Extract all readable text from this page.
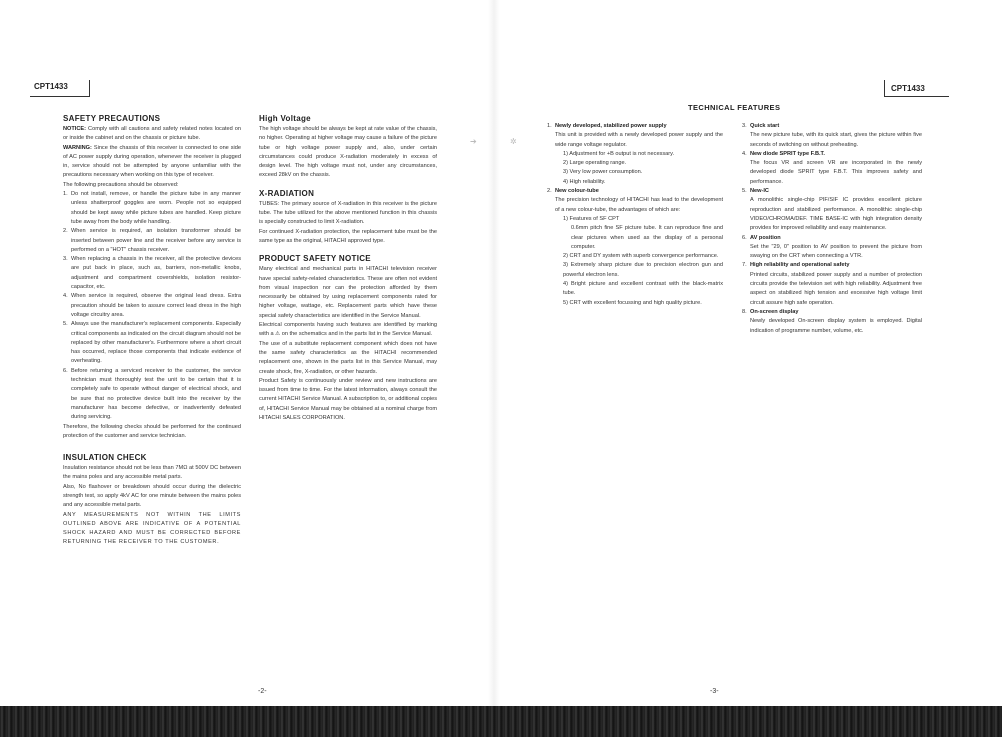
CPT1433
SAFETY PRECAUTIONS

NOTICE: Comply with all cautions and safety related notes located on or inside the cabinet and on the chassis or picture tube.

WARNING: Since the chassis of this receiver is connected to one side of AC power supply during operation, whenever the receiver is plugged in, service should not be attempted by anyone unfamiliar with the precautions necessary when working on this type of receiver.

The following precautions should be observed:

1. Do not install, remove, or handle the picture tube in any manner unless shatterproof goggles are worn. People not so equipped should be kept away while picture tubes are handled. Keep picture tube away from the body while handling.
2. When service is required, an isolation transformer should be inserted between power line and the receiver before any service is performed on a "HOT" chassis receiver.
3. When replacing a chassis in the receiver, all the protective devices are put back in place, such as, barriers, non-metallic knobs, adjustment and compartment covershields, isolation resistor-capacitor, etc.
4. When service is required, observe the original lead dress. Extra precaution should be taken to assure correct lead dress in the high voltage circuitry area.
5. Always use the manufacturer's replacement components. Especially critical components as indicated on the circuit diagram should not be replaced by other manufacturer's. Furthermore where a short circuit has occurred, replace those components that indicate evidence of overheating.
6. Before returning a serviced receiver to the customer, the service technician must thoroughly test the unit to be certain that it is completely safe to operate without danger of electrical shock, and be sure that no protective device built into the receiver by the manufacturer has become defective, or inadvertently defeated during servicing.

Therefore, the following checks should be performed for the continued protection of the customer and service technician.

INSULATION CHECK

Insulation resistance should not be less than 7MΩ at 500V DC between the mains poles and any accessible metal parts.

Also, No flashover or breakdown should occur during the dielectric strength test, so apply 4kV AC for one minute between the mains poles and any accessible metal parts.

ANY MEASUREMENTS NOT WITHIN THE LIMITS OUTLINED ABOVE ARE INDICATIVE OF A POTENTIAL SHOCK HAZARD AND MUST BE CORRECTED BEFORE RETURNING THE RECEIVER TO THE CUSTOMER.

High Voltage

The high voltage should be always be kept at rate value of the chassis, no higher. Operating at higher voltage may cause a failure of the picture tube or high voltage power supply and, also, under certain circumstances could produce X-radiation moderately in excess of design level. The high voltage must not, under any circumstances, exceed 28kV on the chassis.

X-RADIATION

TUBES: The primary source of X-radiation in this receiver is the picture tube. The tube utilized for the above mentioned function in this chassis is specially constructed to limit X-radiation.

For continued X-radiation protection, the replacement tube must be the same type as the original, HITACHI approved type.

PRODUCT SAFETY NOTICE

Many electrical and mechanical parts in HITACHI television receiver have special safety-related characteristics. These are often not evident from visual inspection nor can the protection afforded by them necessarily be obtained by using replacement components rated for higher voltage, wattage, etc. Replacement parts which have these special safety characteristics are identified in the Service Manual.

Electrical components having such features are identified by marking with a ⚠ on the schematics and in the parts list in the Service Manual.

The use of a substitute replacement component which does not have the same safety characteristics as the HITACHI recommended replacement one, shown in the parts list in this Service Manual, may create shock, fire, X-radiation, or other hazards.

Product Safety is continuously under review and new instructions are issued from time to time. For the latest information, always consult the current HITACHI Service Manual. A subscription to, or additional copies of, HITACHI Service Manual may be obtained at a nominal charge from HITACHI SALES CORPORATION.

-2-
➔
CPT1433
TECHNICAL FEATURES
1. Newly developed, stabilized power supply
This unit is provided with a newly developed power supply and the wide range voltage regulator.
1) Adjustment for +B output is not necessary.
2) Large operating range.
3) Very low power consumption.
4) High reliability.
2. New colour-tube
The precision technology of HITACHI has lead to the development of a new colour-tube, the advantages of which are:
1) Features of SF CPT
0.6mm pitch fine SF picture tube. It can reproduce fine and clear pictures when used as the display of a personal computer.
2) CRT and DY system with superb convergence performance.
3) Extremely sharp picture due to precision electron gun and powerful electron lens.
4) Bright picture and excellent contrast with the black-matrix tube.
5) CRT with excellent focussing and high quality picture.
3. Quick start
The new picture tube, with its quick start, gives the picture within five seconds of switching on without preheating.
4. New diode SPRIT type F.B.T.
The focus VR and screen VR are incorporated in the newly developed diode SPRIT type F.B.T. This improves safety and performance.
5. New-IC
A monolithic single-chip PIF/SIF IC provides excellent picture reproduction and stabilized performance. A monolithic single-chip VIDEO/CHROMA/DEF. TIME BASE-IC with high integration density provides for improved reliability and easy maintenance.
6. AV position
Set the "29, 0" position to AV position to prevent the picture from swaying on the CRT when connecting a VTR.
7. High reliability and operational safety
Printed circuits, stabilized power supply and a number of protection circuits provide the television set with high reliability. Adjustment free aspect on stabilized high tension and excessive high voltage limit circuit assure high safe operation.
8. On-screen display
Newly developed On-screen display system is employed. Digital indication of programme number, volume, etc.
-3-
✲
